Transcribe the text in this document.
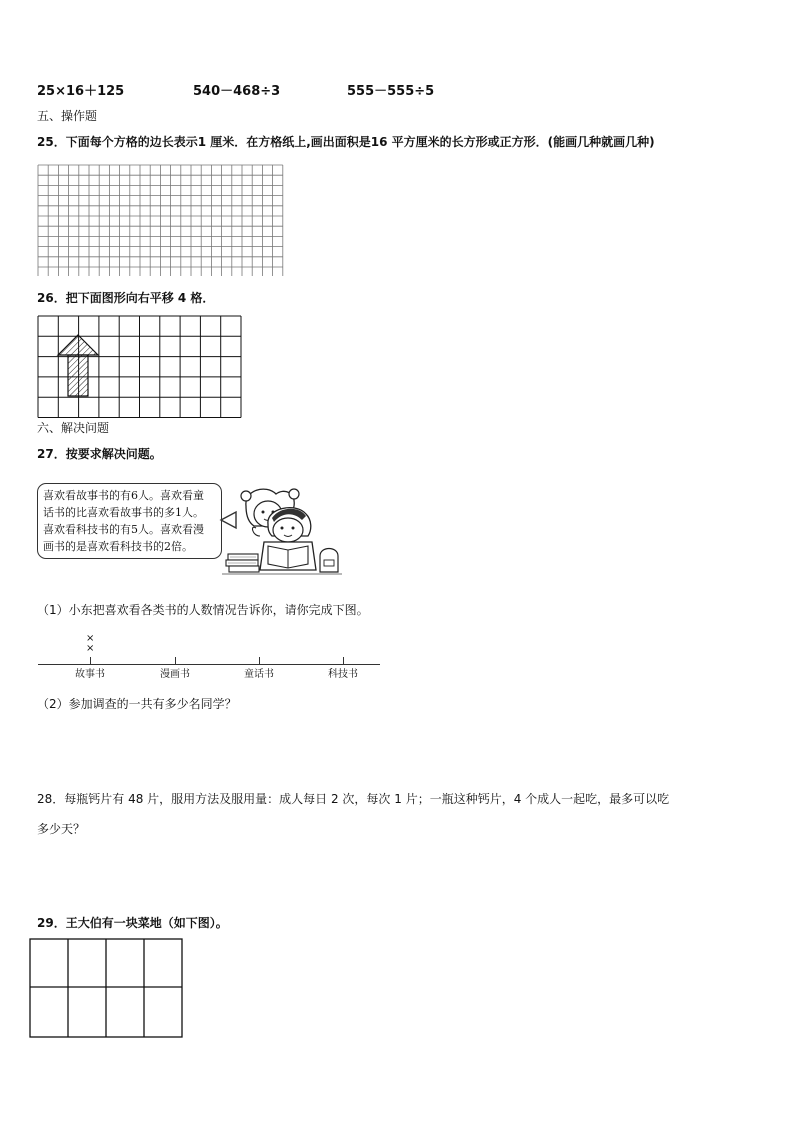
25×16＋125	540－468÷3	555－555÷5
五、操作题
25．下面每个方格的边长表示1 厘米．在方格纸上,画出面积是16 平方厘米的长方形或正方形．(能画几种就画几种)
26．把下面图形向右平移 4 格．
六、解决问题
27．按要求解决问题。
喜欢看故事书的有6人。喜欢看童
话书的比喜欢看故事书的多1人。
喜欢看科技书的有5人。喜欢看漫
画书的是喜欢看科技书的2倍。
（1）小东把喜欢看各类书的人数情况告诉你，请你完成下图。
×
×
故事书	漫画书	童话书	科技书
（2）参加调查的一共有多少名同学？
28．每瓶钙片有 48 片，服用方法及服用量：成人每日 2 次，每次 1 片；一瓶这种钙片，4 个成人一起吃，最多可以吃
多少天？
29．王大伯有一块菜地（如下图）。
